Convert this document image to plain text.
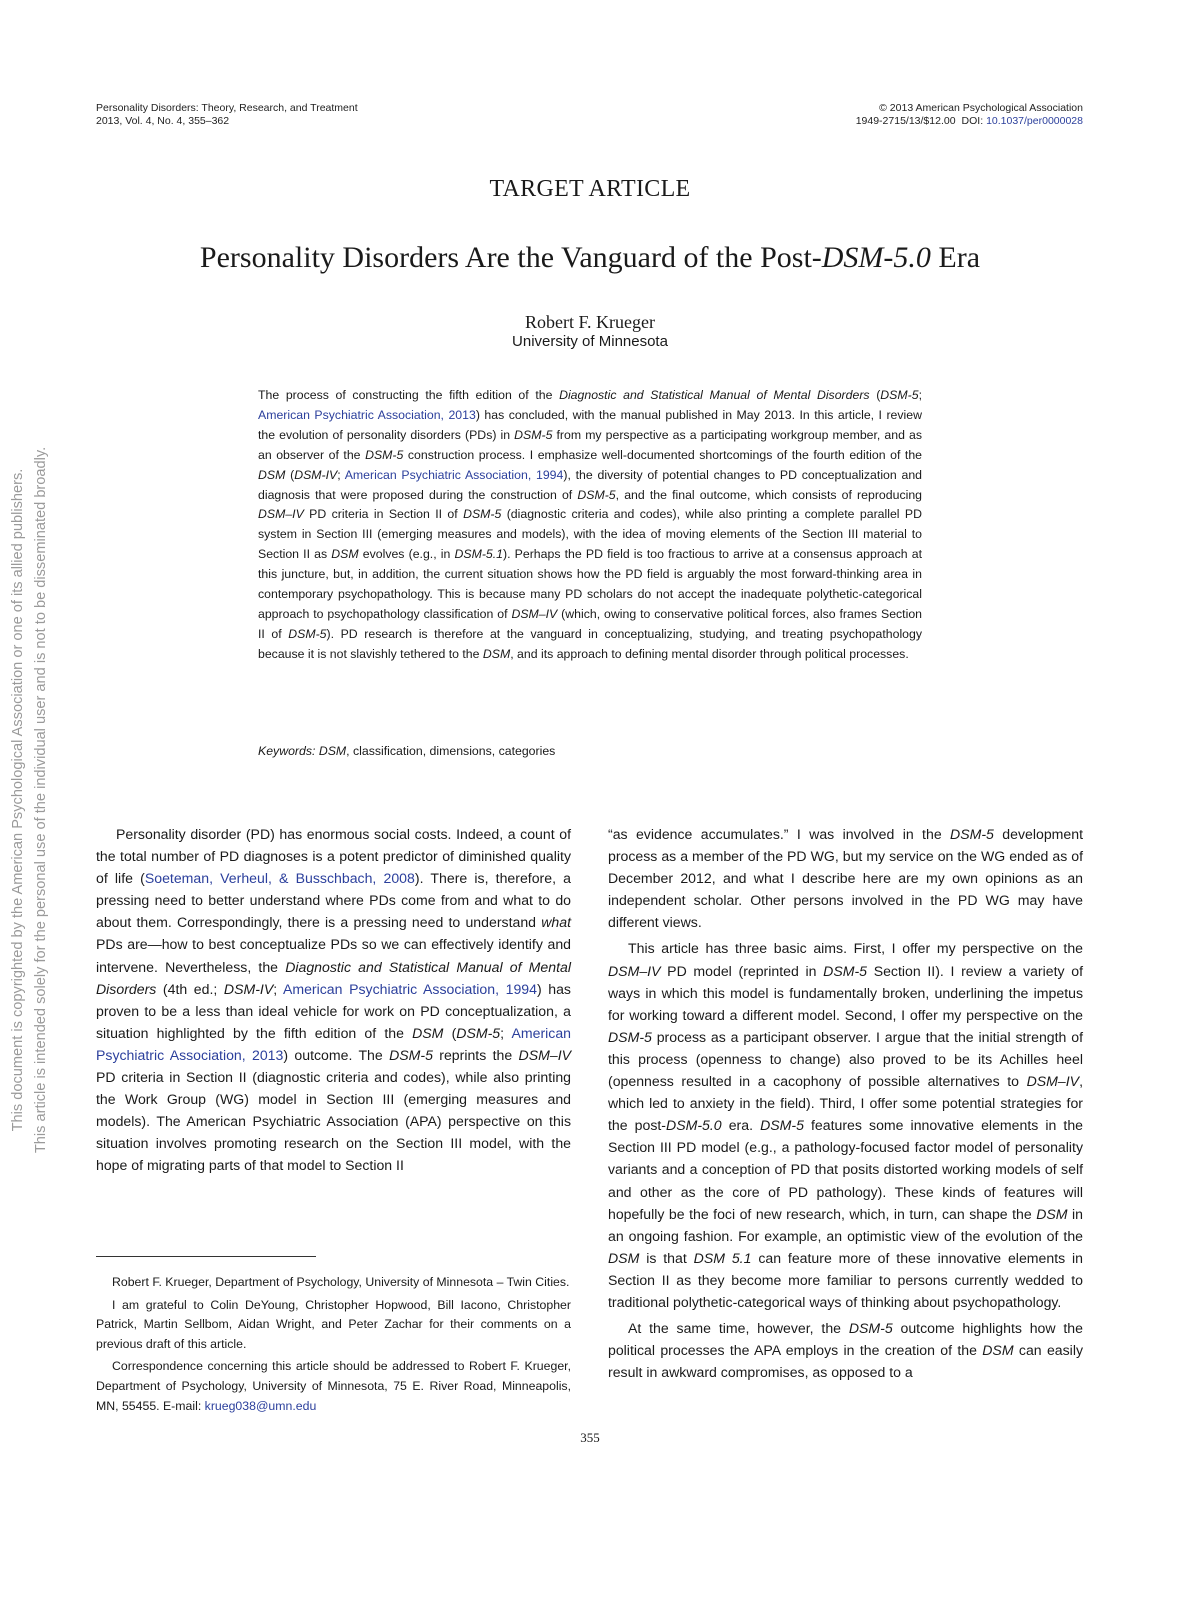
Personality Disorders: Theory, Research, and Treatment
2013, Vol. 4, No. 4, 355–362
© 2013 American Psychological Association
1949-2715/13/$12.00 DOI: 10.1037/per0000028
TARGET ARTICLE
Personality Disorders Are the Vanguard of the Post-DSM-5.0 Era
Robert F. Krueger
University of Minnesota
The process of constructing the fifth edition of the Diagnostic and Statistical Manual of Mental Disorders (DSM-5; American Psychiatric Association, 2013) has concluded, with the manual published in May 2013. In this article, I review the evolution of personality disorders (PDs) in DSM-5 from my perspective as a participating workgroup member, and as an observer of the DSM-5 construction process. I emphasize well-documented shortcomings of the fourth edition of the DSM (DSM-IV; American Psychiatric Association, 1994), the diversity of potential changes to PD conceptualization and diagnosis that were proposed during the construction of DSM-5, and the final outcome, which consists of reproducing DSM–IV PD criteria in Section II of DSM-5 (diagnostic criteria and codes), while also printing a complete parallel PD system in Section III (emerging measures and models), with the idea of moving elements of the Section III material to Section II as DSM evolves (e.g., in DSM-5.1). Perhaps the PD field is too fractious to arrive at a consensus approach at this juncture, but, in addition, the current situation shows how the PD field is arguably the most forward-thinking area in contemporary psychopathology. This is because many PD scholars do not accept the inadequate polythetic-categorical approach to psychopathology classification of DSM–IV (which, owing to conservative political forces, also frames Section II of DSM-5). PD research is therefore at the vanguard in conceptualizing, studying, and treating psychopathology because it is not slavishly tethered to the DSM, and its approach to defining mental disorder through political processes.
Keywords: DSM, classification, dimensions, categories

Personality disorder (PD) has enormous social costs. Indeed, a count of the total number of PD diagnoses is a potent predictor of diminished quality of life (Soeteman, Verheul, & Busschbach, 2008). There is, therefore, a pressing need to better understand where PDs come from and what to do about them. Correspondingly, there is a pressing need to understand what PDs are—how to best conceptualize PDs so we can effectively identify and intervene. Nevertheless, the Diagnostic and Statistical Manual of Mental Disorders (4th ed.; DSM-IV; American Psychiatric Association, 1994) has proven to be a less than ideal vehicle for work on PD conceptualization, a situation highlighted by the fifth edition of the DSM (DSM-5; American Psychiatric Association, 2013) outcome. The DSM-5 reprints the DSM–IV PD criteria in Section II (diagnostic criteria and codes), while also printing the Work Group (WG) model in Section III (emerging measures and models). The American Psychiatric Association (APA) perspective on this situation involves promoting research on the Section III model, with the hope of migrating parts of that model to Section II

Robert F. Krueger, Department of Psychology, University of Minnesota – Twin Cities.

I am grateful to Colin DeYoung, Christopher Hopwood, Bill Iacono, Christopher Patrick, Martin Sellbom, Aidan Wright, and Peter Zachar for their comments on a previous draft of this article.

Correspondence concerning this article should be addressed to Robert F. Krueger, Department of Psychology, University of Minnesota, 75 E. River Road, Minneapolis, MN, 55455. E-mail: krueg038@umn.edu

“as evidence accumulates.” I was involved in the DSM-5 development process as a member of the PD WG, but my service on the WG ended as of December 2012, and what I describe here are my own opinions as an independent scholar. Other persons involved in the PD WG may have different views.

This article has three basic aims. First, I offer my perspective on the DSM–IV PD model (reprinted in DSM-5 Section II). I review a variety of ways in which this model is fundamentally broken, underlining the impetus for working toward a different model. Second, I offer my perspective on the DSM-5 process as a participant observer. I argue that the initial strength of this process (openness to change) also proved to be its Achilles heel (openness resulted in a cacophony of possible alternatives to DSM–IV, which led to anxiety in the field). Third, I offer some potential strategies for the post-DSM-5.0 era. DSM-5 features some innovative elements in the Section III PD model (e.g., a pathology-focused factor model of personality variants and a conception of PD that posits distorted working models of self and other as the core of PD pathology). These kinds of features will hopefully be the foci of new research, which, in turn, can shape the DSM in an ongoing fashion. For example, an optimistic view of the evolution of the DSM is that DSM 5.1 can feature more of these innovative elements in Section II as they become more familiar to persons currently wedded to traditional polythetic-categorical ways of thinking about psychopathology.

At the same time, however, the DSM-5 outcome highlights how the political processes the APA employs in the creation of the DSM can easily result in awkward compromises, as opposed to a

355
This document is copyrighted by the American Psychological Association or one of its allied publishers. This article is intended solely for the personal use of the individual user and is not to be disseminated broadly.
